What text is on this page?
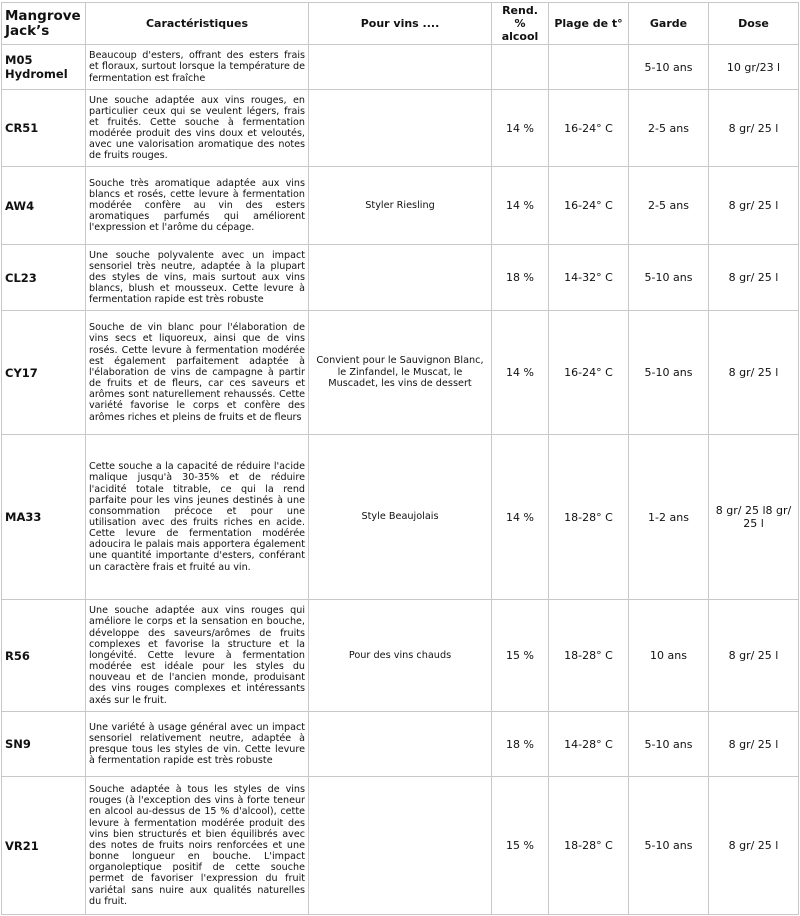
Mangrove Jack’s	Caractéristiques	Pour vins ....	Rend. % alcool	Plage de t°	Garde	Dose
M05 Hydromel	Beaucoup d'esters, offrant des esters frais et floraux, surtout lorsque la température de fermentation est fraîche				5-10 ans	10 gr/23 l
CR51	Une souche adaptée aux vins rouges, en particulier ceux qui se veulent légers, frais et fruités. Cette souche à fermentation modérée produit des vins doux et veloutés, avec une valorisation aromatique des notes de fruits rouges.		14 %	16-24° C	2-5 ans	8 gr/ 25 l
AW4	Souche très aromatique adaptée aux vins blancs et rosés, cette levure à fermentation modérée confère au vin des esters aromatiques parfumés qui améliorent l'expression et l'arôme du cépage.	Styler Riesling	14 %	16-24° C	2-5 ans	8 gr/ 25 l
CL23	Une souche polyvalente avec un impact sensoriel très neutre, adaptée à la plupart des styles de vins, mais surtout aux vins blancs, blush et mousseux. Cette levure à fermentation rapide est très robuste		18 %	14-32° C	5-10 ans	8 gr/ 25 l
CY17	Souche de vin blanc pour l'élaboration de vins secs et liquoreux, ainsi que de vins rosés. Cette levure à fermentation modérée est également parfaitement adaptée à l'élaboration de vins de campagne à partir de fruits et de fleurs, car ces saveurs et arômes sont naturellement rehaussés. Cette variété favorise le corps et confère des arômes riches et pleins de fruits et de fleurs	Convient pour le Sauvignon Blanc, le Zinfandel, le Muscat, le Muscadet, les vins de dessert	14 %	16-24° C	5-10 ans	8 gr/ 25 l
MA33	Cette souche a la capacité de réduire l'acide malique jusqu'à 30-35% et de réduire l'acidité totale titrable, ce qui la rend parfaite pour les vins jeunes destinés à une consommation précoce et pour une utilisation avec des fruits riches en acide. Cette levure de fermentation modérée adoucira le palais mais apportera également une quantité importante d'esters, conférant un caractère frais et fruité au vin.	Style Beaujolais	14 %	18-28° C	1-2 ans	8 gr/ 25 l8 gr/ 25 l
R56	Une souche adaptée aux vins rouges qui améliore le corps et la sensation en bouche, développe des saveurs/arômes de fruits complexes et favorise la structure et la longévité. Cette levure à fermentation modérée est idéale pour les styles du nouveau et de l'ancien monde, produisant des vins rouges complexes et intéressants axés sur le fruit.	Pour des vins chauds	15 %	18-28° C	10 ans	8 gr/ 25 l
SN9	Une variété à usage général avec un impact sensoriel relativement neutre, adaptée à presque tous les styles de vin. Cette levure à fermentation rapide est très robuste		18 %	14-28° C	5-10 ans	8 gr/ 25 l
VR21	Souche adaptée à tous les styles de vins rouges (à l'exception des vins à forte teneur en alcool au-dessus de 15 % d'alcool), cette levure à fermentation modérée produit des vins bien structurés et bien équilibrés avec des notes de fruits noirs renforcées et une bonne longueur en bouche. L'impact organoleptique positif de cette souche permet de favoriser l'expression du fruit variétal sans nuire aux qualités naturelles du fruit.		15 %	18-28° C	5-10 ans	8 gr/ 25 l
